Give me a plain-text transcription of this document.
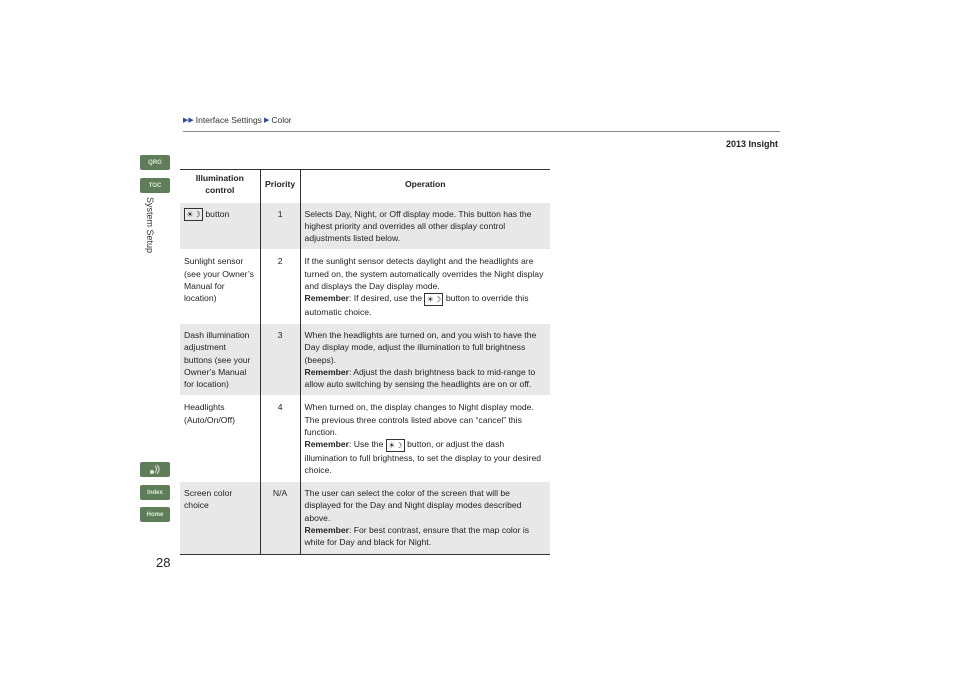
▶▶ Interface Settings ▶ Color
2013 Insight
QRG
TOC
System Setup
Index
Home
28
Illumination control	Priority	Operation
☀☽ button	1	Selects Day, Night, or Off display mode. This button has the highest priority and overrides all other display control adjustments listed below.
Sunlight sensor (see your Owner’s Manual for location)	2	If the sunlight sensor detects daylight and the headlights are turned on, the system automatically overrides the Night display and displays the Day display mode.
Remember: If desired, use the ☀☽ button to override this automatic choice.
Dash illumination adjustment buttons (see your Owner’s Manual for location)	3	When the headlights are turned on, and you wish to have the Day display mode, adjust the illumination to full brightness (beeps).
Remember: Adjust the dash brightness back to mid-range to allow auto switching by sensing the headlights are on or off.
Headlights (Auto/On/Off)	4	When turned on, the display changes to Night display mode. The previous three controls listed above can “cancel” this function.
Remember: Use the ☀☽ button, or adjust the dash illumination to full brightness, to set the display to your desired choice.
Screen color choice	N/A	The user can select the color of the screen that will be displayed for the Day and Night display modes described above.
Remember: For best contrast, ensure that the map color is white for Day and black for Night.
